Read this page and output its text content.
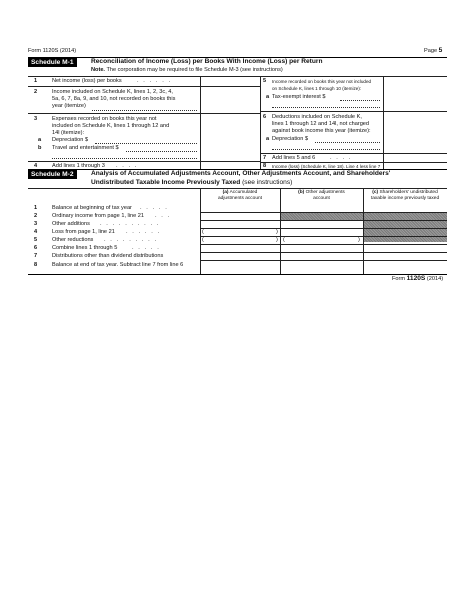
Form 1120S (2014)	Page 5
Schedule M-1	Reconciliation of Income (Loss) per Books With Income (Loss) per Return
Note. The corporation may be required to file Schedule M-3 (see instructions)
1	Net income (loss) per books	. . . . . .
2	Income included on Schedule K, lines 1, 2, 3c, 4,
5a, 6, 7, 8a, 9, and 10, not recorded on books this
year (itemize)
3	Expenses recorded on books this year not
included on Schedule K, lines 1 through 12 and
14l (itemize):
a Depreciation $
b Travel and entertainment $
4	Add lines 1 through 3 . . . .
5 Income recorded on books this year not included
on Schedule K, lines 1 through 10 (itemize):
a Tax-exempt interest $
6 Deductions included on Schedule K,
lines 1 through 12 and 14l, not charged
against book income this year (itemize):
a Depreciation $
7 Add lines 5 and 6	. . . .
8 Income (loss) (Schedule K, line 18). Line 4 less line 7
Schedule M-2	Analysis of Accumulated Adjustments Account, Other Adjustments Account, and Shareholders'
Undistributed Taxable Income Previously Taxed (see instructions)
(a) Accumulated
adjustments account
(b) Other adjustments
account
(c) Shareholders' undistributed
taxable income previously taxed
1	Balance at beginning of tax year . . . . .
2	Ordinary income from page 1, line 21 . . .
3	Other additions . . . . . . . . . .
4	Loss from page 1, line 21 . . . . . .	(	)
5	Other reductions . . . . . . . . .	(	) (	)
6	Combine lines 1 through 5	. . . . .
7	Distributions other than dividend distributions
8	Balance at end of tax year. Subtract line 7 from line 6
Form 1120S (2014)
